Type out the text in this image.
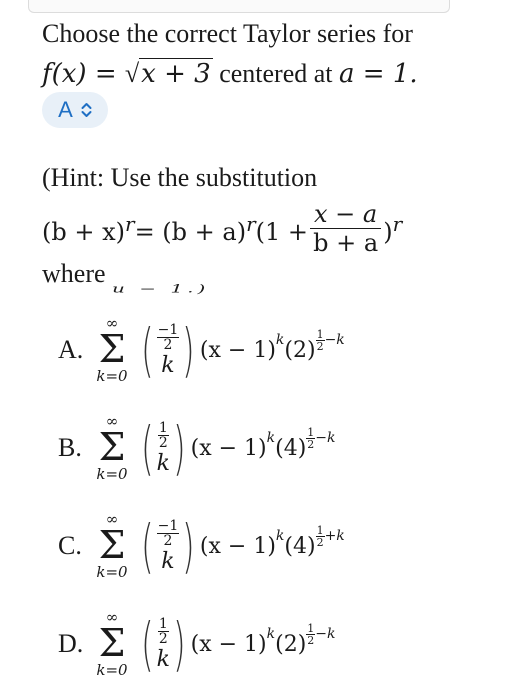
Choose the correct Taylor series for
f(x) = √x + 3 centered at a = 1.
A
(Hint: Use the substitution
$(b + x)^r = (b + a)^r(1 + \frac{x - a}{b + a} )^r$
where u − 1.)
A.
∞
Σ
k=0 ( $\frac{-1}{2}$
k ) (x − 1) k $(2) \frac{1}{2} -k$
B.
∞
Σ
k=0 ( $\frac{1}{2}$
k ) (x − 1) k $(4) \frac{1}{2} -k$
C.
∞
Σ
k=0 ( $\frac{-1}{2}$
k ) (x − 1) k $(4) \frac{1}{2} +k$
D.
∞
Σ
k=0 ( $\frac{1}{2}$
k ) (x − 1) k $(2) \frac{1}{2} -k$
